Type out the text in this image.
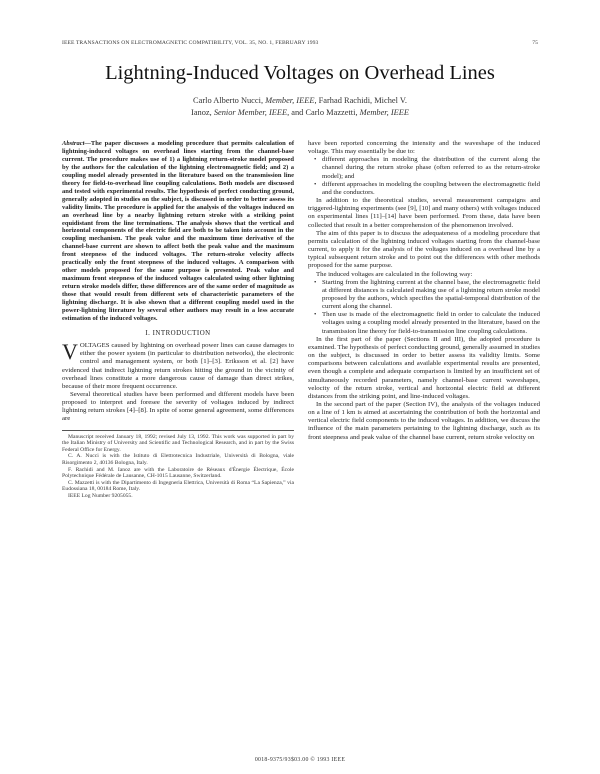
IEEE TRANSACTIONS ON ELECTROMAGNETIC COMPATIBILITY, VOL. 35, NO. 1, FEBRUARY 1993	75
Lightning-Induced Voltages on Overhead Lines
Carlo Alberto Nucci, Member, IEEE, Farhad Rachidi, Michel V.
Ianoz, Senior Member, IEEE, and Carlo Mazzetti, Member, IEEE

Abstract—The paper discusses a modeling procedure that permits calculation of lightning-induced voltages on overhead lines starting from the channel-base current. The procedure makes use of 1) a lightning return-stroke model proposed by the authors for the calculation of the lightning electromagnetic field; and 2) a coupling model already presented in the literature based on the transmission line theory for field-to-overhead line coupling calculations. Both models are discussed and tested with experimental results. The hypothesis of perfect conducting ground, generally adopted in studies on the subject, is discussed in order to better assess its validity limits. The procedure is applied for the analysis of the voltages induced on an overhead line by a nearby lightning return stroke with a striking point equidistant from the line terminations. The analysis shows that the vertical and horizontal components of the electric field are both to be taken into account in the coupling mechanism. The peak value and the maximum time derivative of the channel-base current are shown to affect both the peak value and the maximum front steepness of the induced voltages. The return-stroke velocity affects practically only the front steepness of the induced voltages. A comparison with other models proposed for the same purpose is presented. Peak value and maximum front steepness of the induced voltages calculated using other lightning return stroke models differ, these differences are of the same order of magnitude as those that would result from different sets of characteristic parameters of the lightning discharge. It is also shown that a different coupling model used in the power-lightning literature by several other authors may result in a less accurate estimation of the induced voltages.

I. INTRODUCTION

VOLTAGES caused by lightning on overhead power lines can cause damages to either the power system (in particular to distribution networks), the electronic control and management system, or both [1]–[3]. Eriksson et al. [2] have evidenced that indirect lightning return strokes hitting the ground in the vicinity of overhead lines constitute a more dangerous cause of damage than direct strikes, because of their more frequent occurrence.

Several theoretical studies have been performed and different models have been proposed to interpret and foresee the severity of voltages induced by indirect lightning return strokes [4]–[8]. In spite of some general agreement, some differences are

Manuscript received January 18, 1992; revised July 13, 1992. This work was supported in part by the Italian Ministry of University and Scientific and Technological Research, and in part by the Swiss Federal Office for Energy.

C. A. Nucci is with the Istituto di Elettrotecnica Industriale, Università di Bologna, viale Risorgimento 2, 40136 Bologna, Italy.

F. Rachidi and M. Ianoz are with the Laboratoire de Réseaux d'Énergie Électrique, École Polytechnique Fédérale de Lausanne, CH-1015 Lausanne, Switzerland.

C. Mazzetti is with the Dipartimento di Ingegneria Elettrica, Università di Roma “La Sapienza,” via Eudossiana 18, 00184 Rome, Italy.

IEEE Log Number 9205055.

have been reported concerning the intensity and the waveshape of the induced voltage. This may essentially be due to:

• different approaches in modeling the distribution of the current along the channel during the return stroke phase (often referred to as the return-stroke model); and
• different approaches in modeling the coupling between the electromagnetic field and the conductors.

In addition to the theoretical studies, several measurement campaigns and triggered-lightning experiments (see [9], [10] and many others) with voltages induced on experimental lines [11]–[14] have been performed. From these, data have been collected that result in a better comprehension of the phenomenon involved.

The aim of this paper is to discuss the adequateness of a modeling procedure that permits calculation of the lightning induced voltages starting from the channel-base current, to apply it for the analysis of the voltages induced on a overhead line by a typical subsequent return stroke and to point out the differences with other methods proposed for the same purpose.

The induced voltages are calculated in the following way:

• Starting from the lightning current at the channel base, the electromagnetic field at different distances is calculated making use of a lightning return stroke model proposed by the authors, which specifies the spatial-temporal distribution of the current along the channel.
• Then use is made of the electromagnetic field in order to calculate the induced voltages using a coupling model already presented in the literature, based on the transmission line theory for field-to-transmission line coupling calculations.

In the first part of the paper (Sections II and III), the adopted procedure is examined. The hypothesis of perfect conducting ground, generally assumed in studies on the subject, is discussed in order to better assess its validity limits. Some comparisons between calculations and available experimental results are presented, even though a complete and adequate comparison is limited by an insufficient set of simultaneously recorded parameters, namely channel-base current waveshapes, velocity of the return stroke, vertical and horizontal electric field at different distances from the striking point, and line-induced voltages.

In the second part of the paper (Section IV), the analysis of the voltages induced on a line of 1 km is aimed at ascertaining the contribution of both the horizontal and vertical electric field components to the induced voltages. In addition, we discuss the influence of the main parameters pertaining to the lightning discharge, such as its front steepness and peak value of the channel base current, return stroke velocity on

0018-9375/93$03.00 © 1993 IEEE
